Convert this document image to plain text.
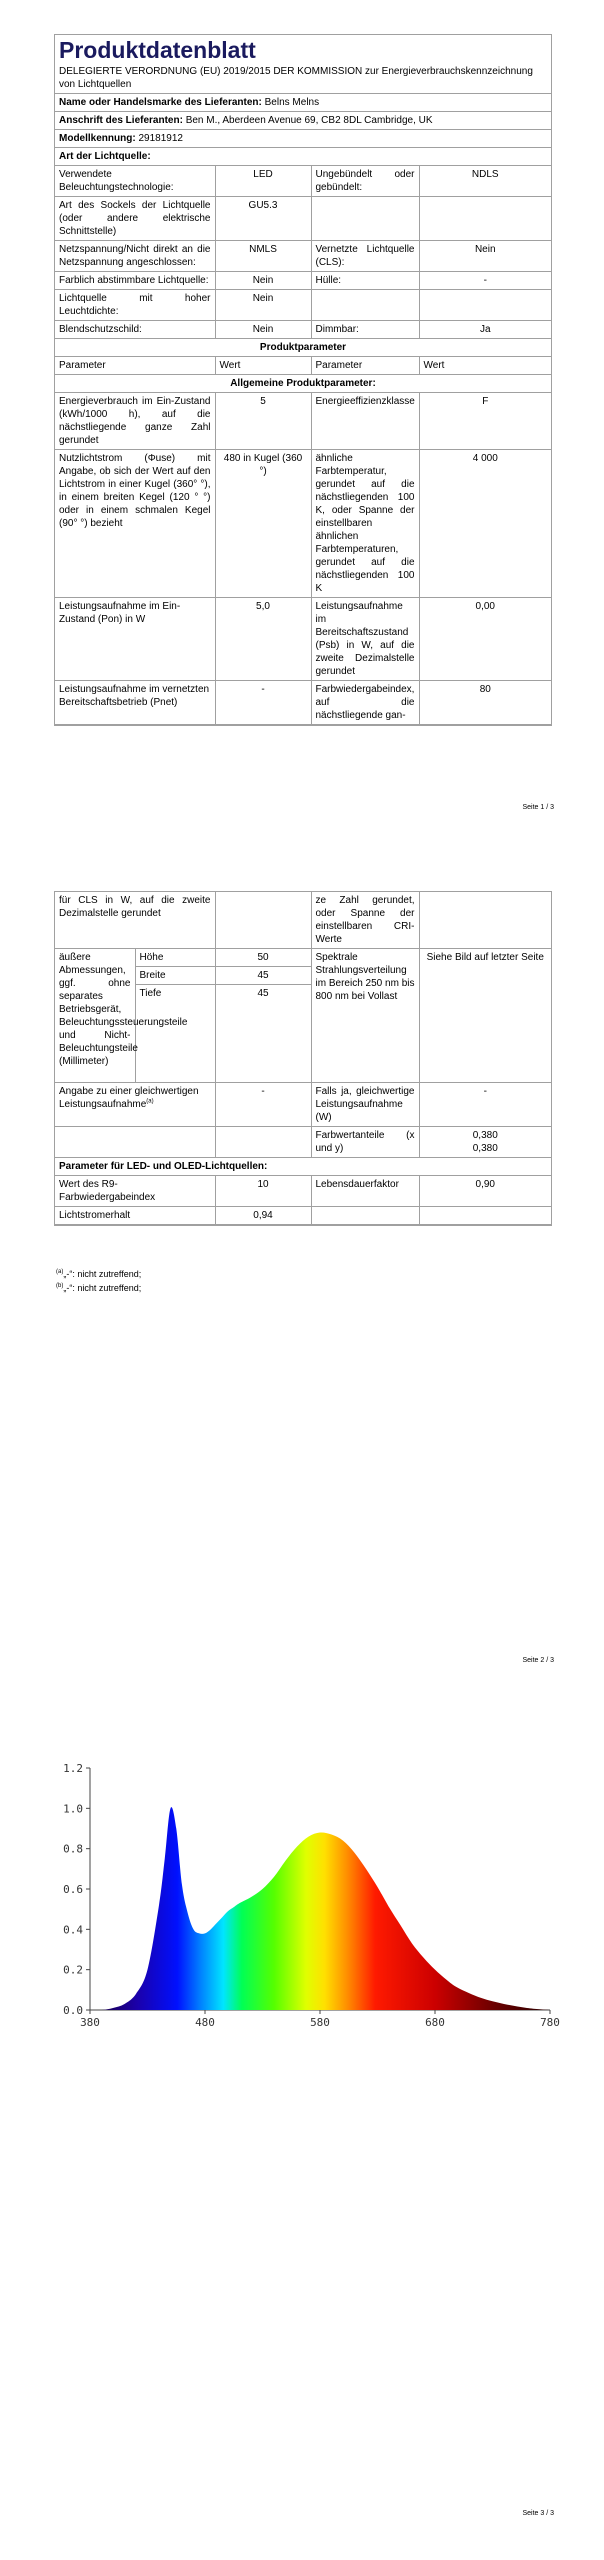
Produktdatenblatt
DELEGIERTE VERORDNUNG (EU) 2019/2015 DER KOMMISSION zur Energieverbrauchskennzeichnung von Lichtquellen
Name oder Handelsmarke des Lieferanten: Belns Melns
Anschrift des Lieferanten: Ben M., Aberdeen Avenue 69, CB2 8DL Cambridge, UK
Modellkennung: 29181912
Art der Lichtquelle:
Verwendete Beleuchtungstechnologie:	LED	Ungebündelt oder gebündelt:	NDLS
Art des Sockels der Lichtquelle (oder andere elektrische Schnittstelle)	GU5.3		
Netzspannung/Nicht direkt an die Netzspannung angeschlossen:	NMLS	Vernetzte Lichtquelle (CLS):	Nein
Farblich abstimmbare Lichtquelle:	Nein	Hülle:	-
Lichtquelle mit hoher Leuchtdichte:	Nein		
Blendschutzschild:	Nein	Dimmbar:	Ja
Produktparameter
Parameter	Wert	Parameter	Wert
Allgemeine Produktparameter:			
Energieverbrauch im Ein-Zustand (kWh/1000 h), auf die nächstliegende ganze Zahl gerundet	5	Energieeffizienzklasse	F
Nutzlichtstrom (Φuse) mit Angabe, ob sich der Wert auf den Lichtstrom in einer Kugel (360° °), in einem breiten Kegel (120 ° °) oder in einem schmalen Kegel (90° °) bezieht	480 in Kugel (360 °)	ähnliche Farbtemperatur, gerundet auf die nächstliegenden 100 K, oder Spanne der einstellbaren ähnlichen Farbtemperaturen, gerundet auf die nächstliegenden 100 K	4 000
Leistungsaufnahme im Ein-Zustand (Pon) in W	5,0	Leistungsaufnahme im Bereitschaftszustand (Psb) in W, auf die zweite Dezimalstelle gerundet	0,00
Leistungsaufnahme im vernetzten Bereitschaftsbetrieb (Pnet)	-	Farbwiedergabeindex, auf die nächstliegende gan-	80
Seite 1 / 3
für CLS in W, auf die zweite Dezimalstelle gerundet			ze Zahl gerundet, oder Spanne der einstellbaren CRI-Werte	
äußere Abmessungen, ggf. ohne separates Betriebsgerät, Beleuchtungssteuerungsteile und Nicht-Beleuchtungsteile (Millimeter)	Höhe	50	Spektrale Strahlungsverteilung im Bereich 250 nm bis 800 nm bei Vollast	Siehe Bild auf letzter Seite
	Breite	45		
	Tiefe	45		
Angabe zu einer gleichwertigen Leistungsaufnahme$^{(a)}$		-	Falls ja, gleichwertige Leistungsaufnahme (W)	-
			Farbwertanteile (x und y)	0,380
0,380

Parameter für LED- und OLED-Lichtquellen:				
Wert des R9-Farbwiedergabeindex		10	Lebensdauerfaktor	0,90
Lichtstromerhalt		0,94		
$^{(a)}$„-“: nicht zutreffend;
$^{(b)}$„-“: nicht zutreffend;
Seite 2 / 3
0.0
0.2
0.4
0.6
0.8
1.0
1.2
380	480	580	680	780
Seite 3 / 3
